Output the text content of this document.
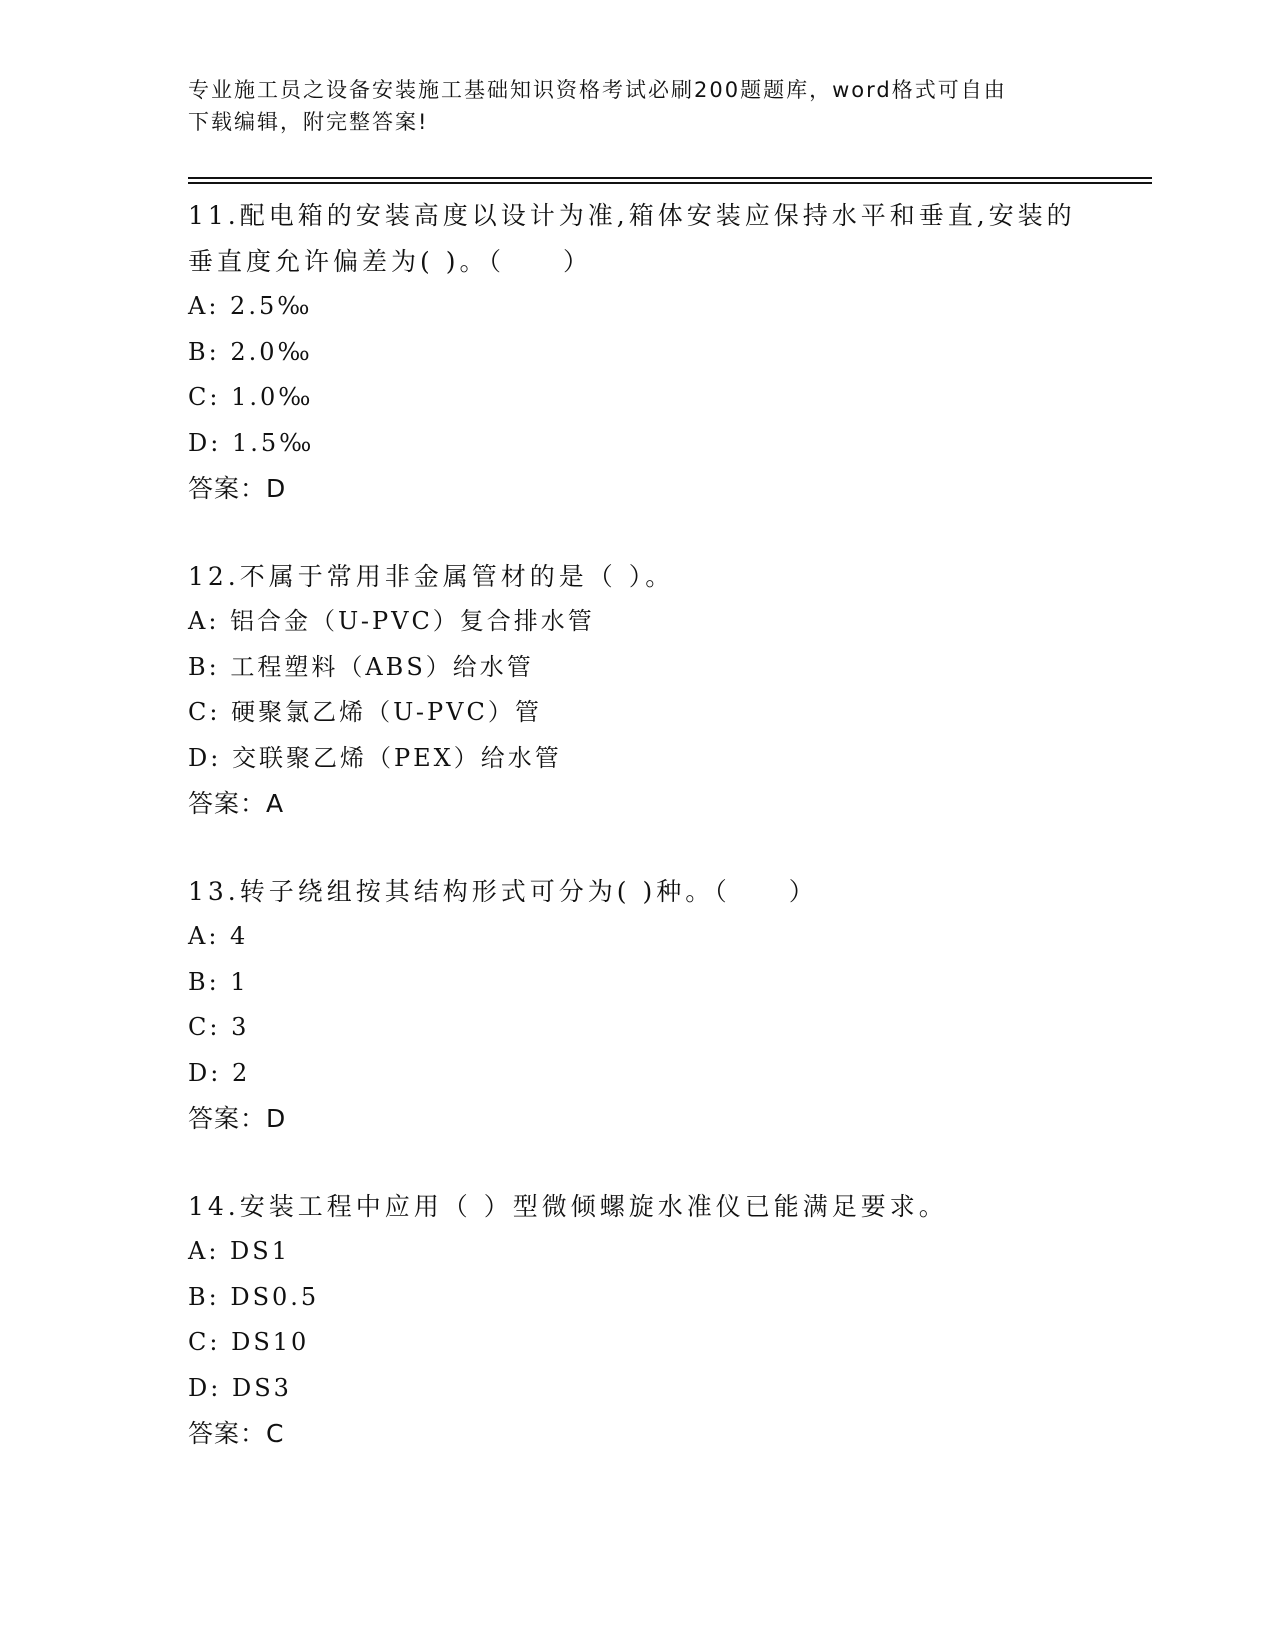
专业施工员之设备安装施工基础知识资格考试必刷200题题库，word格式可自由
下载编辑，附完整答案!
11.配电箱的安装高度以设计为准,箱体安装应保持水平和垂直,安装的
垂直度允许偏差为( )。（　　）
A: 2.5‰
B: 2.0‰
C: 1.0‰
D: 1.5‰
答案：D
12.不属于常用非金属管材的是（ ）。
A: 铝合金（U-PVC）复合排水管
B: 工程塑料（ABS）给水管
C: 硬聚氯乙烯（U-PVC）管
D: 交联聚乙烯（PEX）给水管
答案：A
13.转子绕组按其结构形式可分为( )种。（　　）
A: 4
B: 1
C: 3
D: 2
答案：D
14.安装工程中应用（ ）型微倾螺旋水准仪已能满足要求。
A: DS1
B: DS0.5
C: DS10
D: DS3
答案：C
